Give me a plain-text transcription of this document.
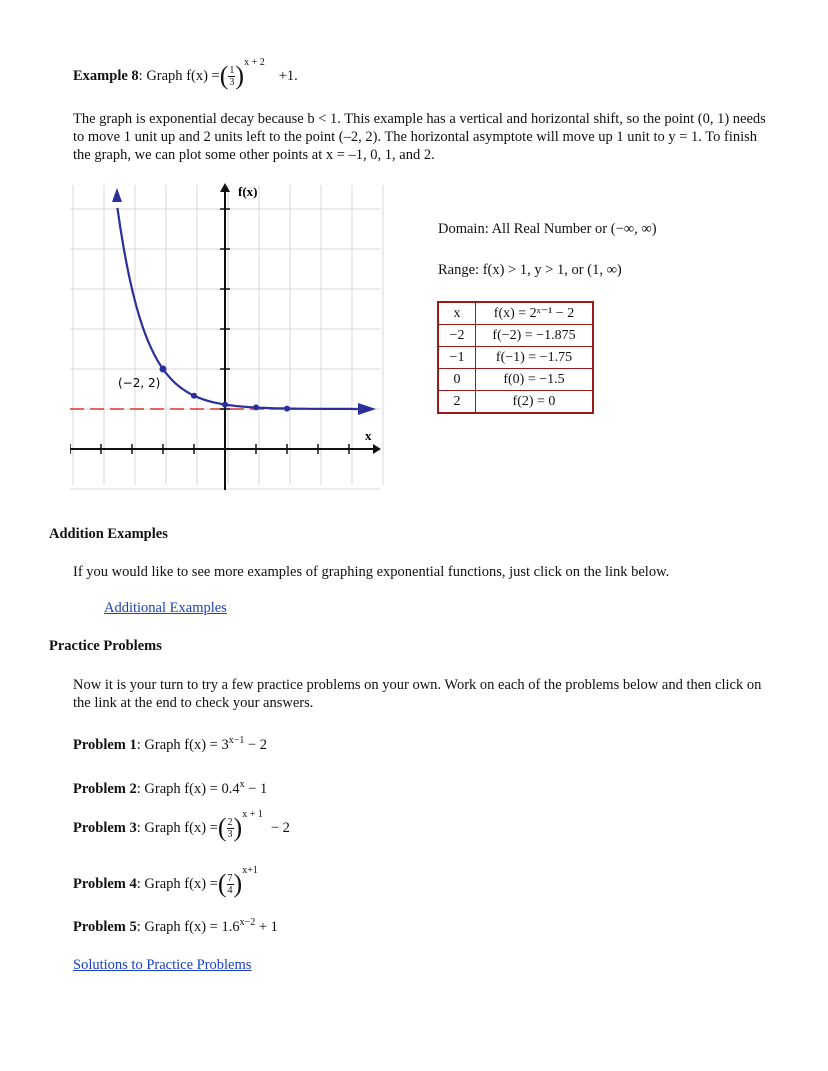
Example 8 : Graph
f(x) = ( $\frac{1}{3} )^{x + 2}$
+1.
The graph is exponential decay because b < 1. This example has a vertical and horizontal shift, so the point (0, 1) needs to move 1 unit up and 2 units left to the point (–2, 2). The horizontal asymptote will move up 1 unit to y = 1. To finish the graph, we can plot some other points at x = –1, 0, 1, and 2.
f(x)
x
(−2, 2)
Domain: All Real Number or (−∞, ∞)
Range: f(x) > 1, y > 1, or (1, ∞)
x	f(x) = 2ˣ⁻¹ − 2
−2	f(−2) = −1.875
−1	f(−1) = −1.75
0	f(0) = −1.5
2	f(2) = 0
Addition Examples
If you would like to see more examples of graphing exponential functions, just click on the link below.
Additional Examples
Practice Problems
Now it is your turn to try a few practice problems on your own. Work on each of the problems below and then click on the link at the end to check your answers.
Problem 1: Graph $f(x) = 3^{x-1} - 2$
Problem 2: Graph $f(x) = 0.4^x - 1$
Problem 3 : Graph
f(x) = ( $\frac{2}{3} )^{x + 1}$
− 2
Problem 4 : Graph
f(x) = ( $\frac{7}{4} )^{x+1}$
Problem 5: Graph $f(x) = 1.6^{x-2} + 1$
Solutions to Practice Problems
